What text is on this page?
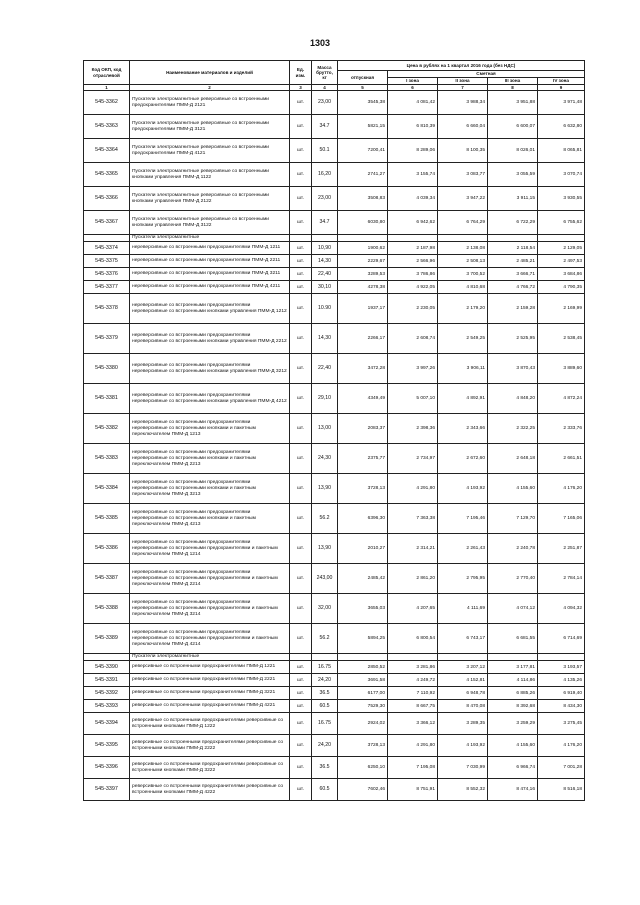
1303
Код ОКП, код отраслевой	Наименование материалов и изделий	Ед. изм.	Масса брутто, кг	Цена в рублях на 1 квартал 2016 года (без НДС)				
				отпускная	Сметная			
					I зона	II зона	III зона	IV зона
1	2	3	4	5	6	7	8	9
545-3362	Пускатели электромагнитные реверсивные со встроенными предохранителями ПММ-Д 2121	шт.	23,00	3545,38	4 081,42	3 988,34	3 951,88	3 971,48
545-3363	Пускатели электромагнитные реверсивные со встроенными предохранителями ПММ-Д 3121	шт.	34.7	5821,15	6 810,39	6 660,04	6 600,07	6 632,80
545-3364	Пускатели электромагнитные реверсивные со встроенными предохранителями ПММ-Д 4121	шт.	50.1	7200,41	8 289,06	8 100,35	8 026,01	8 065,81
545-3365	Пускатели электромагнитные реверсивные со встроенными кнопками управления ПММ-Д 1122	шт.	16,20	2741,27	3 155,74	3 083,77	3 055,59	3 070,74
545-3366	Пускатели электромагнитные реверсивные со встроенными кнопками управления ПММ-Д 2122	шт.	23,00	3508,83	4 039,34	3 947,22	3 911,15	3 930,55
545-3367	Пускатели электромагнитные реверсивные со встроенными кнопками управления ПММ-Д 3122	шт.	34.7	6030,80	6 942,62	6 764,29	6 722,29	6 755,62
	Пускатели электромагнитные							
545-3374	нереверсивные со встроенными предохранителями ПММ-Д 1211	шт.	10,90	1900,62	2 187,98	2 138,08	2 118,54	2 129,05
545-3375	нереверсивные со встроенными предохранителями ПММ-Д 2211	шт.	14,30	2229,67	2 566,96	2 508,13	2 485,21	2 497,53
545-3376	нереверсивные со встроенными предохранителями ПММ-Д 3211	шт.	22,40	3289,53	3 786,86	3 700,52	3 666,71	3 684,86
545-3377	нереверсивные со встроенными предохранителями ПММ-Д 4211	шт.	30,10	4278,38	4 922,05	4 810,68	4 766,72	4 790,35
545-3378	нереверсивные со встроенными предохранителями нереверсивные со встроенными кнопками управления ПММ-Д 1212	шт.	10.90	1937,17	2 230,05	2 179,20	2 159,28	2 169,99
545-3379	нереверсивные со встроенными предохранителями нереверсивные со встроенными кнопками управления ПММ-Д 2212	шт.	14,30	2266,17	2 608,74	2 549,25	2 525,95	2 538,45
545-3380	нереверсивные со встроенными предохранителями нереверсивные со встроенными кнопками управления ПММ-Д 3212	шт.	22,40	3472,28	3 997,26	3 906,11	3 870,43	3 889,60
545-3381	нереверсивные со встроенными предохранителями нереверсивные со встроенными кнопками управления ПММ-Д 4212	шт.	29,10	4349,49	5 007,10	4 892,91	4 848,20	4 872,24
545-3382	нереверсивные со встроенными предохранителями нереверсивные со встроенными кнопками и пакетным переключателем ПММ-Д 1213	шт.	13,00	2083,37	2 398,36	2 343,66	2 322,25	2 333,76
545-3383	нереверсивные со встроенными предохранителями нереверсивные со встроенными кнопками и пакетным переключателем ПММ-Д 2213	шт.	24,30	2375,77	2 734,97	2 672,60	2 648,18	2 661,51
545-3384	нереверсивные со встроенными предохранителями нереверсивные со встроенными кнопками и пакетным переключателем ПММ-Д 3213	шт.	13,90	3728,13	4 291,80	4 193,92	4 155,60	4 176,20
545-3385	нереверсивные со встроенными предохранителями нереверсивные со встроенными кнопками и пакетным переключателем ПММ-Д 4213	шт.	56.2	6396,30	7 363,38	7 195,46	7 129,70	7 165,06
545-3386	нереверсивные со встроенными предохранителями нереверсивные со встроенными предохранителями и пакетным переключателем ПММ-Д 1214	шт.	13,90	2010,27	2 314,21	2 261,43	2 240,78	2 251,87
545-3387	нереверсивные со встроенными предохранителями нереверсивные со встроенными предохранителями и пакетным переключателем ПММ-Д 2214	шт.	243,00	2485,42	2 861,20	2 795,95	2 770,40	2 784,14
545-3388	нереверсивные со встроенными предохранителями нереверсивные со встроенными предохранителями и пакетным переключателем ПММ-Д 3214	шт.	32,00	3655,03	4 207,65	4 111,69	4 074,12	4 094,32
545-3389	нереверсивные со встроенными предохранителями нереверсивные со встроенными предохранителями и пакетным переключателем ПММ-Д 4214	шт.	56.2	5894,25	6 800,54	6 743,17	6 681,55	6 714,69
	Пускатели электромагнитные							
545-3390	реверсивные со встроенными предохранителями ПММ-Д 1221	шт.	16.75	2850,52	3 281,86	3 207,12	3 177,81	3 193,57
545-3391	реверсивные со встроенными предохранителями ПММ-Д 2221	шт.	24,20	3691,58	4 249,72	4 152,81	4 114,86	4 135,26
545-3392	реверсивные со встроенными предохранителями ПММ-Д 3221	шт.	36.5	6177,00	7 110,92	6 948,78	6 885,26	6 919,40
545-3393	реверсивные со встроенными предохранителями ПММ-Д 4221	шт.	60.5	7529,30	8 667,75	8 470,08	8 392,68	8 434,30
545-3394	реверсивные со встроенными предохранителями реверсивные со встроенными кнопками ПММ-Д 1222	шт.	16.75	2924,02	3 366,12	3 289,35	3 259,29	3 275,45
545-3395	реверсивные со встроенными предохранителями реверсивные со встроенными кнопками ПММ-Д 2222	шт.	24,20	3728,13	4 291,80	4 193,92	4 155,60	4 176,20
545-3396	реверсивные со встроенными предохранителями реверсивные со встроенными кнопками ПММ-Д 3222	шт.	36.5	6250,10	7 195,08	7 030,99	6 966,74	7 001,28
545-3397	реверсивные со встроенными предохранителями реверсивные со встроенными кнопками ПММ-Д 4222	шт.	60.5	7602,46	8 751,91	8 552,32	8 474,16	8 516,18
